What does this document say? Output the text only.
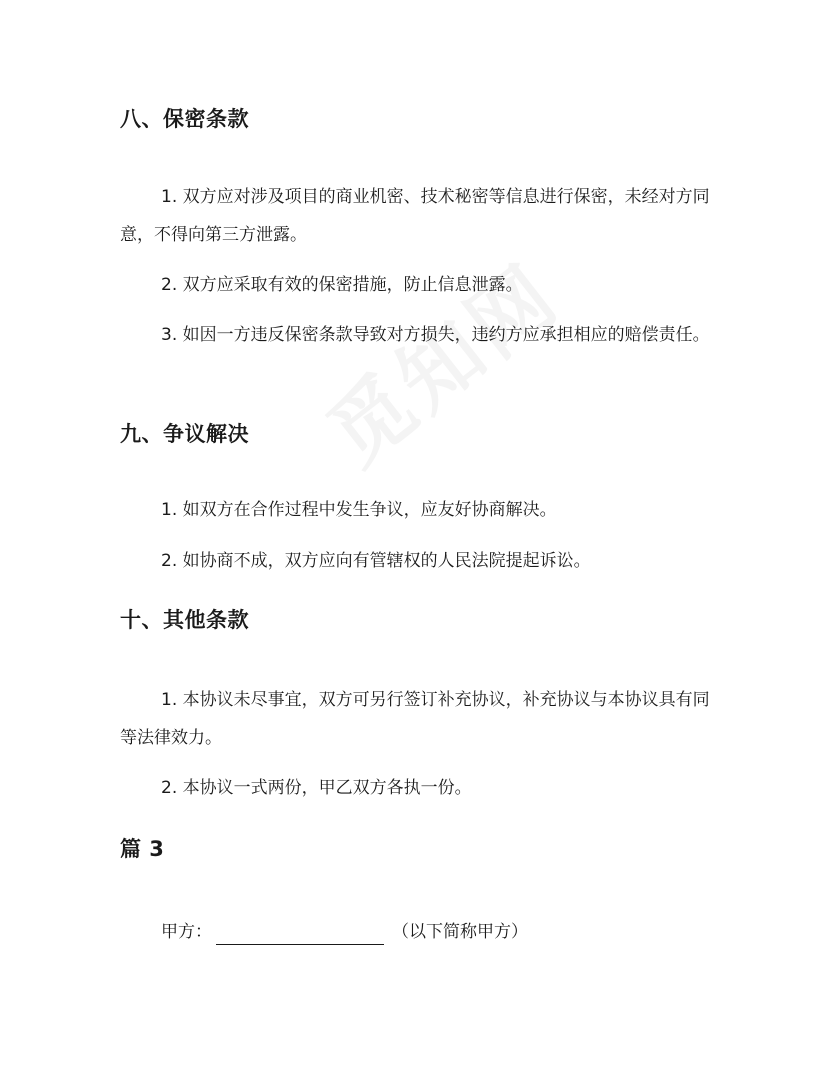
八、保密条款

1. 双方应对涉及项目的商业机密、技术秘密等信息进行保密，未经对方同意，不得向第三方泄露。

2. 双方应采取有效的保密措施，防止信息泄露。

3. 如因一方违反保密条款导致对方损失，违约方应承担相应的赔偿责任。

九、争议解决

1. 如双方在合作过程中发生争议，应友好协商解决。

2. 如协商不成，双方应向有管辖权的人民法院提起诉讼。

十、其他条款

1. 本协议未尽事宜，双方可另行签订补充协议，补充协议与本协议具有同等法律效力。

2. 本协议一式两份，甲乙双方各执一份。

篇 3
甲方：	（以下简称甲方）
